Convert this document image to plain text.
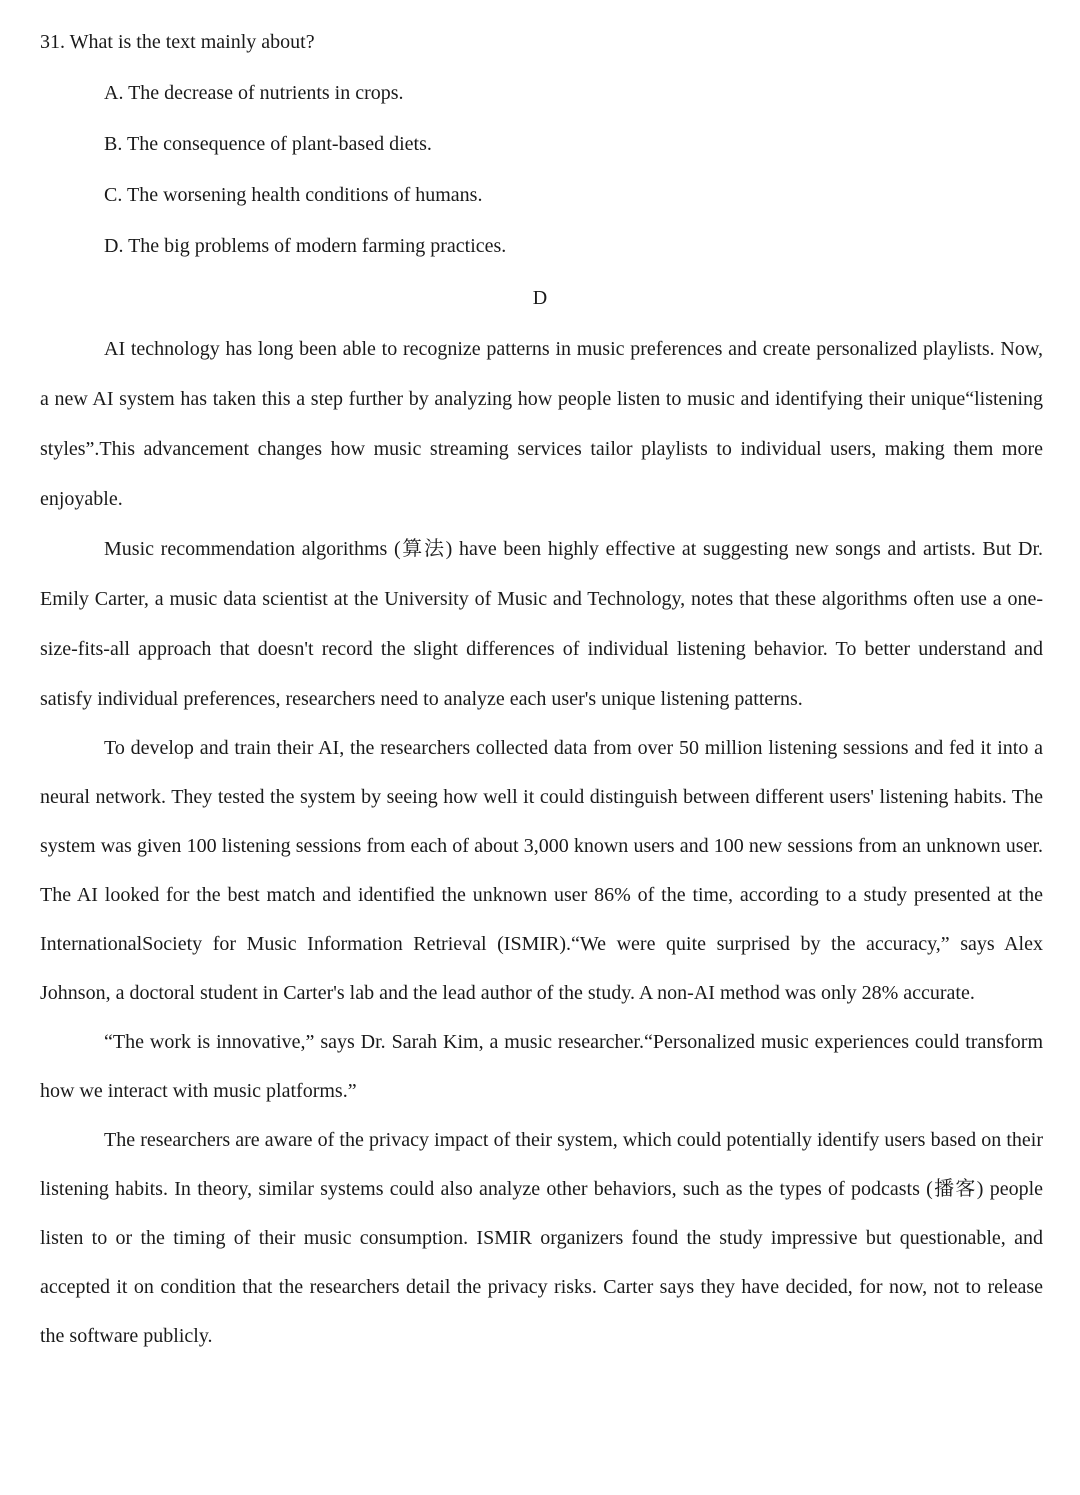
31. What is the text mainly about?
A. The decrease of nutrients in crops.
B. The consequence of plant-based diets.
C. The worsening health conditions of humans.
D. The big problems of modern farming practices.
D

AI technology has long been able to recognize patterns in music preferences and create personalized playlists. Now, a new AI system has taken this a step further by analyzing how people listen to music and identifying their unique“listening styles”.This advancement changes how music streaming services tailor playlists to individual users, making them more enjoyable.

Music recommendation algorithms (算法) have been highly effective at suggesting new songs and artists. But Dr. Emily Carter, a music data scientist at the University of Music and Technology, notes that these algorithms often use a one-size-fits-all approach that doesn't record the slight differences of individual listening behavior. To better understand and satisfy individual preferences, researchers need to analyze each user's unique listening patterns.

To develop and train their AI, the researchers collected data from over 50 million listening sessions and fed it into a neural network. They tested the system by seeing how well it could distinguish between different users' listening habits. The system was given 100 listening sessions from each of about 3,000 known users and 100 new sessions from an unknown user. The AI looked for the best match and identified the unknown user 86% of the time, according to a study presented at the InternationalSociety for Music Information Retrieval (ISMIR).“We were quite surprised by the accuracy,” says Alex Johnson, a doctoral student in Carter's lab and the lead author of the study. A non-AI method was only 28% accurate.

“The work is innovative,” says Dr. Sarah Kim, a music researcher.“Personalized music experiences could transform how we interact with music platforms.”

The researchers are aware of the privacy impact of their system, which could potentially identify users based on their listening habits. In theory, similar systems could also analyze other behaviors, such as the types of podcasts (播客) people listen to or the timing of their music consumption. ISMIR organizers found the study impressive but questionable, and accepted it on condition that the researchers detail the privacy risks. Carter says they have decided, for now, not to release the software publicly.
